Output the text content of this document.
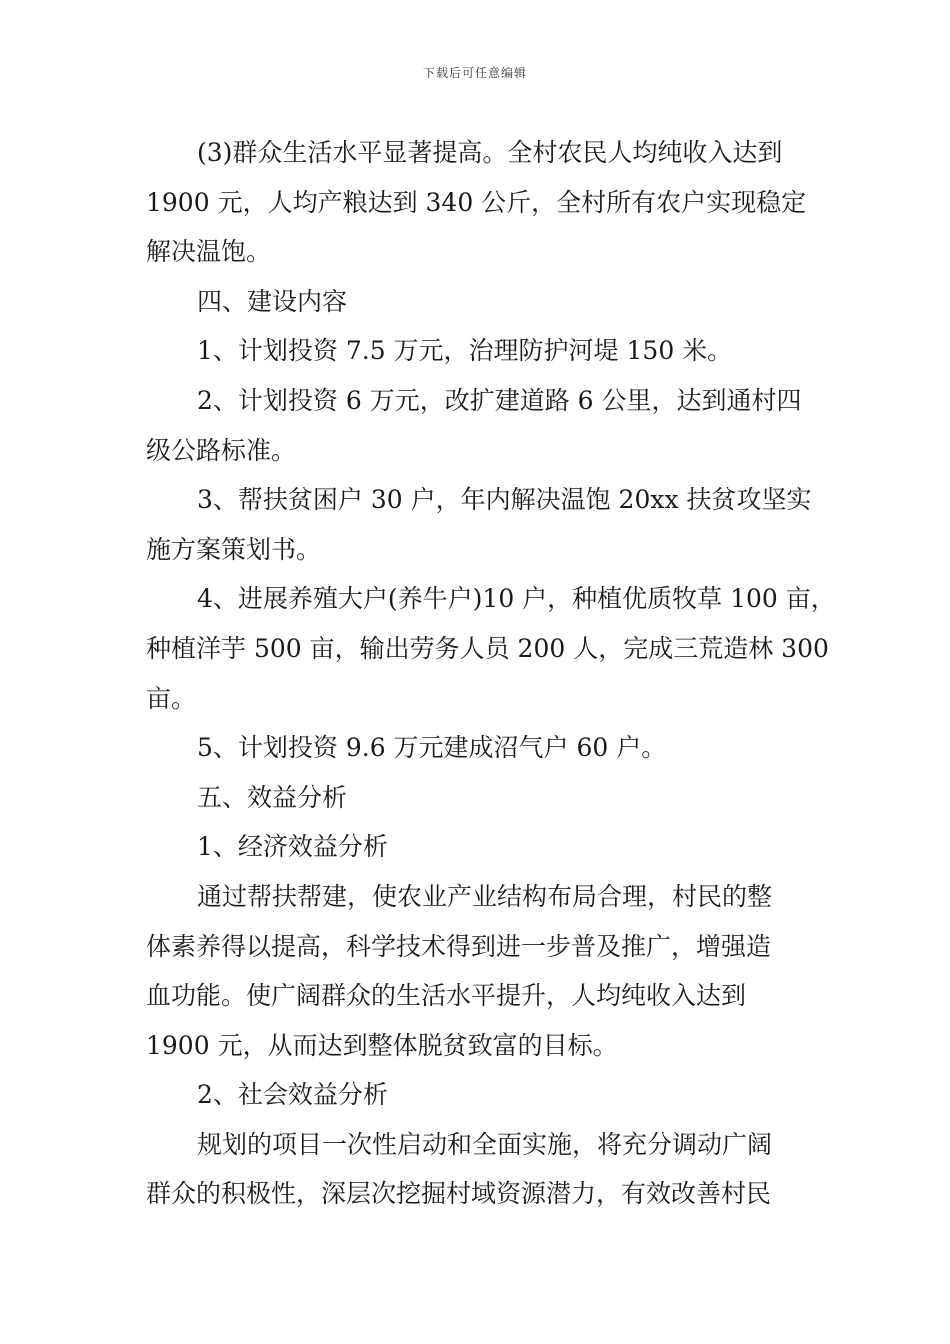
下载后可任意编辑
(3)群众生活水平显著提高。全村农民人均纯收入达到
1900 元，人均产粮达到 340 公斤，全村所有农户实现稳定
解决温饱。
四、建设内容
1、计划投资 7.5 万元，治理防护河堤 150 米。
2、计划投资 6 万元，改扩建道路 6 公里，达到通村四
级公路标准。
3、帮扶贫困户 30 户，年内解决温饱 20xx 扶贫攻坚实
施方案策划书。
4、进展养殖大户(养牛户)10 户，种植优质牧草 100 亩，
种植洋芋 500 亩，输出劳务人员 200 人，完成三荒造林 300
亩。
5、计划投资 9.6 万元建成沼气户 60 户。
五、效益分析
1、经济效益分析
通过帮扶帮建，使农业产业结构布局合理，村民的整
体素养得以提高，科学技术得到进一步普及推广，增强造
血功能。使广阔群众的生活水平提升，人均纯收入达到
1900 元，从而达到整体脱贫致富的目标。
2、社会效益分析
规划的项目一次性启动和全面实施，将充分调动广阔
群众的积极性，深层次挖掘村域资源潜力，有效改善村民
